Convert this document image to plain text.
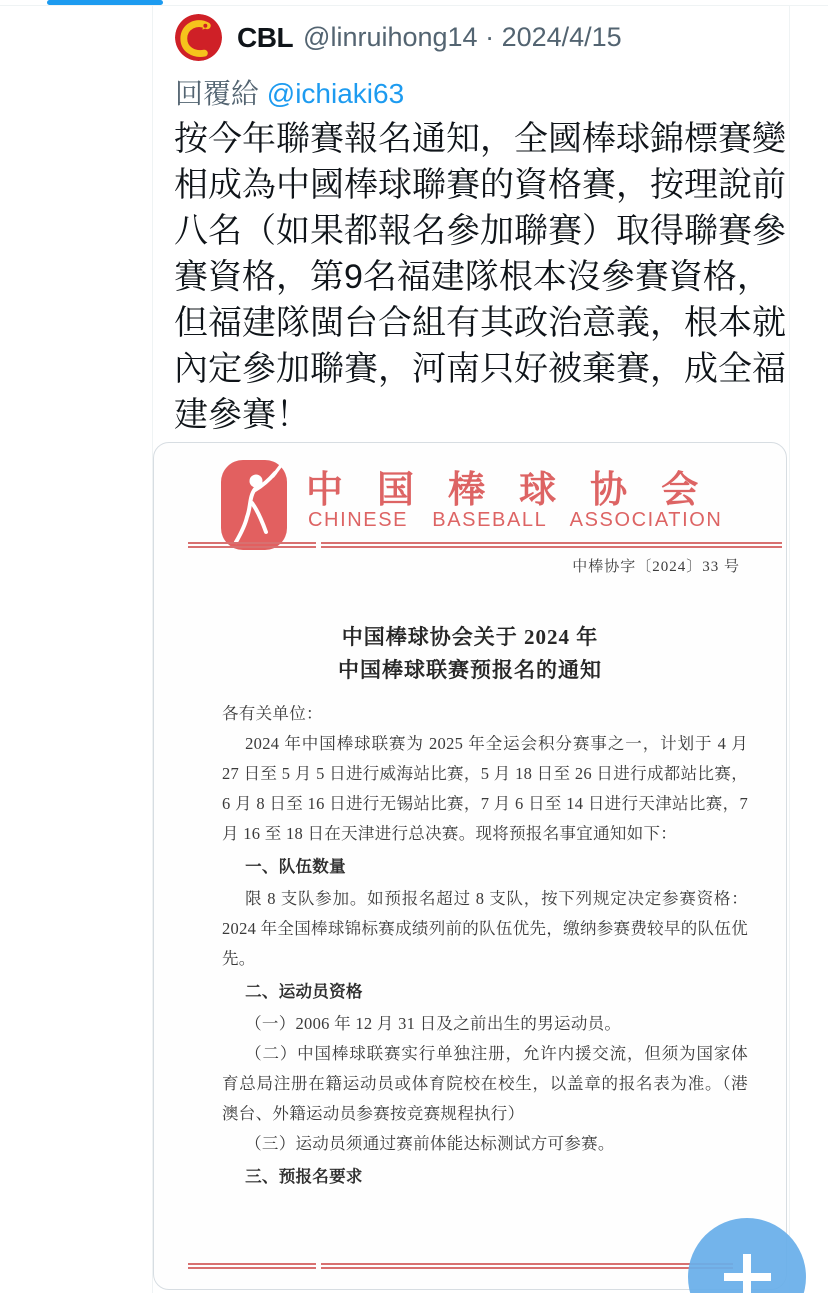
CBL @linruihong14 · 2024/4/15
回覆給 @ichiaki63
按今年聯賽報名通知，全國棒球錦標賽變相成為中國棒球聯賽的資格賽，按理說前八名（如果都報名參加聯賽）取得聯賽參賽資格，第9名福建隊根本沒參賽資格，但福建隊閩台合組有其政治意義，根本就內定參加聯賽，河南只好被棄賽，成全福建參賽！
中国棒球协会
CHINESE BASEBALL ASSOCIATION
中棒协字〔2024〕33 号
中国棒球协会关于 2024 年
中国棒球联赛预报名的通知
各有关单位：
2024 年中国棒球联赛为 2025 年全运会积分赛事之一，计划于 4 月 27 日至 5 月 5 日进行威海站比赛，5 月 18 日至 26 日进行成都站比赛，6 月 8 日至 16 日进行无锡站比赛，7 月 6 日至 14 日进行天津站比赛，7 月 16 至 18 日在天津进行总决赛。现将预报名事宜通知如下：
一、队伍数量
限 8 支队参加。如预报名超过 8 支队，按下列规定决定参赛资格：2024 年全国棒球锦标赛成绩列前的队伍优先，缴纳参赛费较早的队伍优先。
二、运动员资格
（一）2006 年 12 月 31 日及之前出生的男运动员。
（二）中国棒球联赛实行单独注册，允许内援交流，但须为国家体育总局注册在籍运动员或体育院校在校生，以盖章的报名表为准。（港澳台、外籍运动员参赛按竞赛规程执行）
（三）运动员须通过赛前体能达标测试方可参赛。
三、预报名要求
